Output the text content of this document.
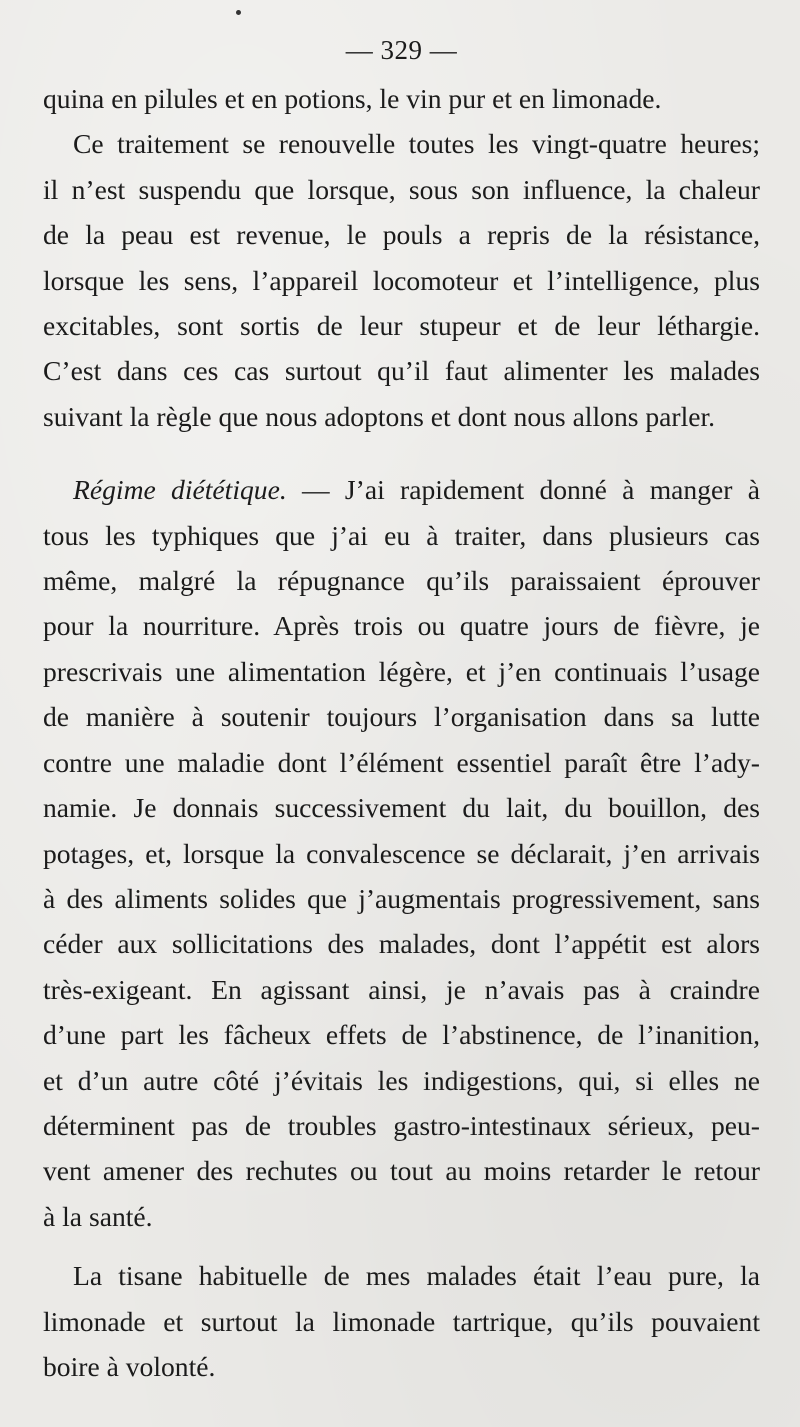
— 329 —
quina en pilules et en potions, le vin pur et en limonade.
Ce traitement se renouvelle toutes les vingt-quatre heures;
il n’est suspendu que lorsque, sous son influence, la chaleur
de la peau est revenue, le pouls a repris de la résistance,
lorsque les sens, l’appareil locomoteur et l’intelligence, plus
excitables, sont sortis de leur stupeur et de leur léthargie.
C’est dans ces cas surtout qu’il faut alimenter les malades
suivant la règle que nous adoptons et dont nous allons parler.
Régime diététique. — J’ai rapidement donné à manger à
tous les typhiques que j’ai eu à traiter, dans plusieurs cas
même, malgré la répugnance qu’ils paraissaient éprouver
pour la nourriture. Après trois ou quatre jours de fièvre, je
prescrivais une alimentation légère, et j’en continuais l’usage
de manière à soutenir toujours l’organisation dans sa lutte
contre une maladie dont l’élément essentiel paraît être l’ady-
namie. Je donnais successivement du lait, du bouillon, des
potages, et, lorsque la convalescence se déclarait, j’en arrivais
à des aliments solides que j’augmentais progressivement, sans
céder aux sollicitations des malades, dont l’appétit est alors
très-exigeant. En agissant ainsi, je n’avais pas à craindre
d’une part les fâcheux effets de l’abstinence, de l’inanition,
et d’un autre côté j’évitais les indigestions, qui, si elles ne
déterminent pas de troubles gastro-intestinaux sérieux, peu-
vent amener des rechutes ou tout au moins retarder le retour
à la santé.
La tisane habituelle de mes malades était l’eau pure, la
limonade et surtout la limonade tartrique, qu’ils pouvaient
boire à volonté.
